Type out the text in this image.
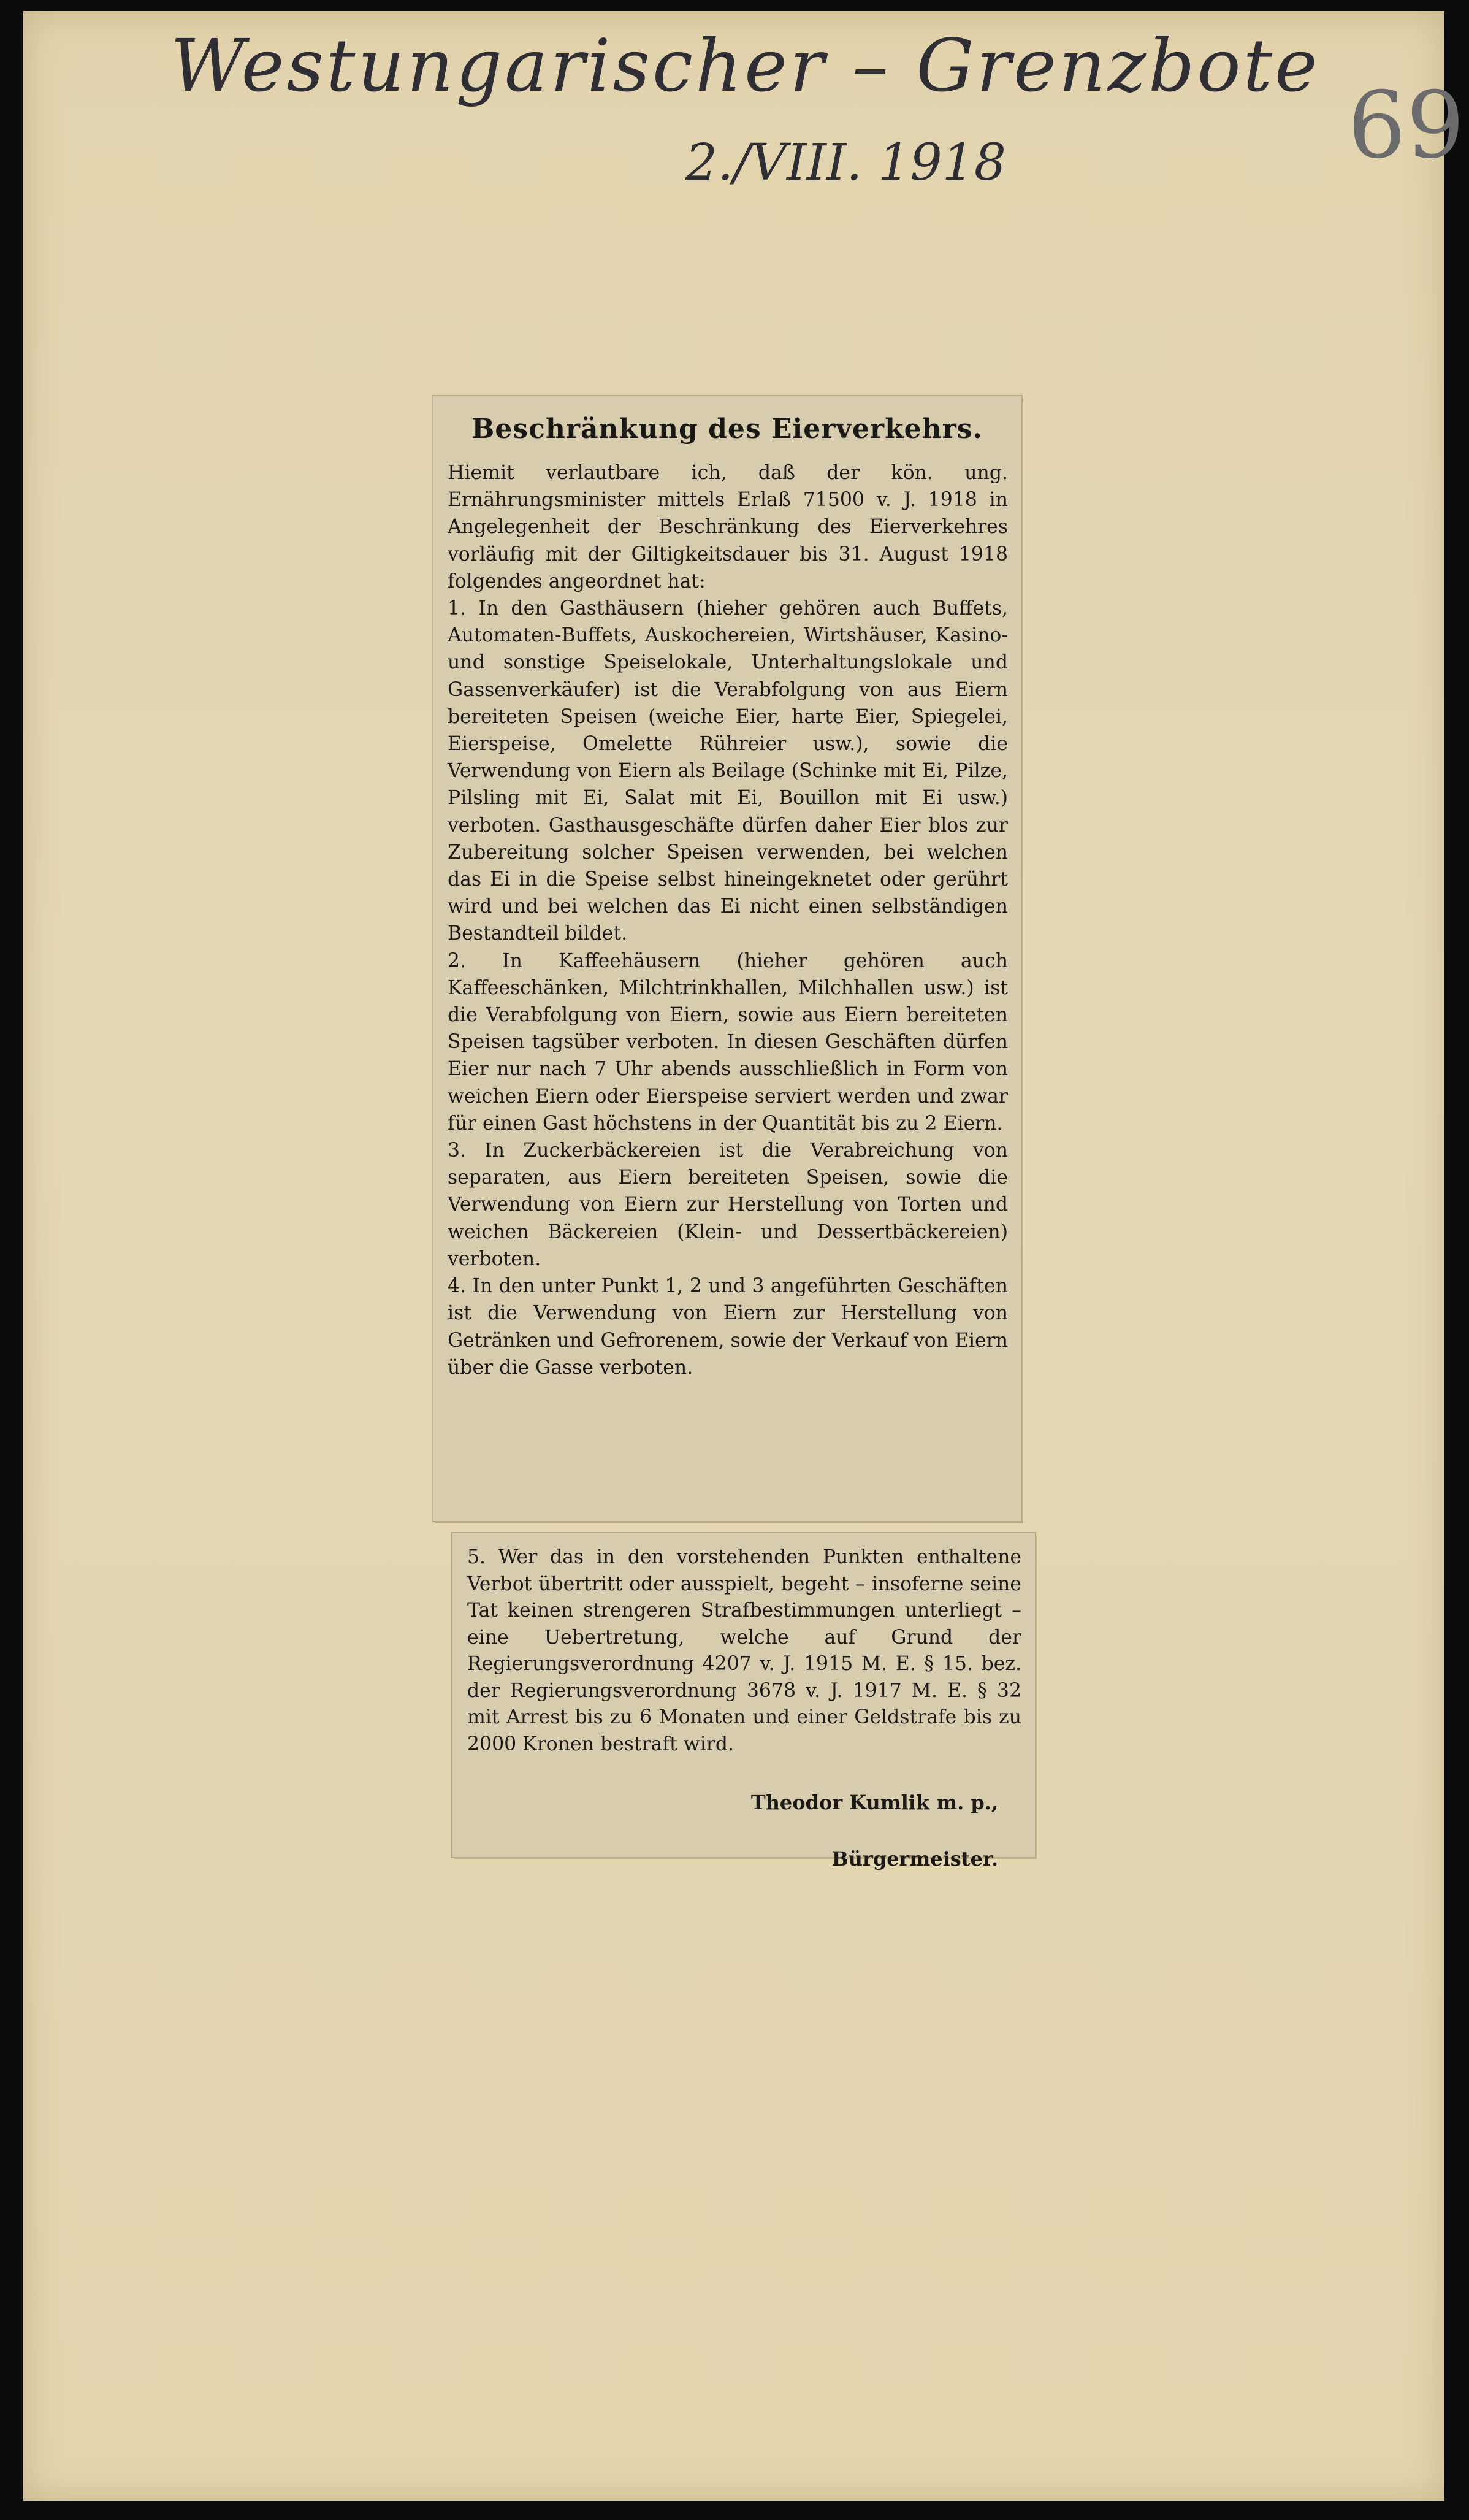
Westungarischer – Grenzbote
2./VIII. 1918	69
Beschränkung des Eierverkehrs.

Hiemit verlautbare ich, daß der kön. ung. Ernährungsminister mittels Erlaß 71500 v. J. 1918 in Angelegenheit der Beschränkung des Eierverkehres vorläufig mit der Giltigkeitsdauer bis 31. August 1918 folgendes angeordnet hat:

1. In den Gasthäusern (hieher gehören auch Buffets, Automaten-Buffets, Auskochereien, Wirtshäuser, Kasino- und sonstige Speiselokale, Unterhaltungslokale und Gassenverkäufer) ist die Verabfolgung von aus Eiern bereiteten Speisen (weiche Eier, harte Eier, Spiegelei, Eierspeise, Omelette Rühreier usw.), sowie die Verwendung von Eiern als Beilage (Schinke mit Ei, Pilze, Pilsling mit Ei, Salat mit Ei, Bouillon mit Ei usw.) verboten. Gasthausgeschäfte dürfen daher Eier blos zur Zubereitung solcher Speisen verwenden, bei welchen das Ei in die Speise selbst hineingeknetet oder gerührt wird und bei welchen das Ei nicht einen selbständigen Bestandteil bildet.

2. In Kaffeehäusern (hieher gehören auch Kaffeeschänken, Milchtrinkhallen, Milchhallen usw.) ist die Verabfolgung von Eiern, sowie aus Eiern bereiteten Speisen tagsüber verboten. In diesen Geschäften dürfen Eier nur nach 7 Uhr abends ausschließlich in Form von weichen Eiern oder Eierspeise serviert werden und zwar für einen Gast höchstens in der Quantität bis zu 2 Eiern.

3. In Zuckerbäckereien ist die Verabreichung von separaten, aus Eiern bereiteten Speisen, sowie die Verwendung von Eiern zur Herstellung von Torten und weichen Bäckereien (Klein- und Dessertbäckereien) verboten.

4. In den unter Punkt 1, 2 und 3 angeführten Geschäften ist die Verwendung von Eiern zur Herstellung von Getränken und Gefrorenem, sowie der Verkauf von Eiern über die Gasse verboten.

5. Wer das in den vorstehenden Punkten enthaltene Verbot übertritt oder ausspielt, begeht – insoferne seine Tat keinen strengeren Strafbestimmungen unterliegt – eine Uebertretung, welche auf Grund der Regierungsverordnung 4207 v. J. 1915 M. E. § 15. bez. der Regierungsverordnung 3678 v. J. 1917 M. E. § 32 mit Arrest bis zu 6 Monaten und einer Geldstrafe bis zu 2000 Kronen bestraft wird.

Theodor Kumlik m. p.,

Bürgermeister.
